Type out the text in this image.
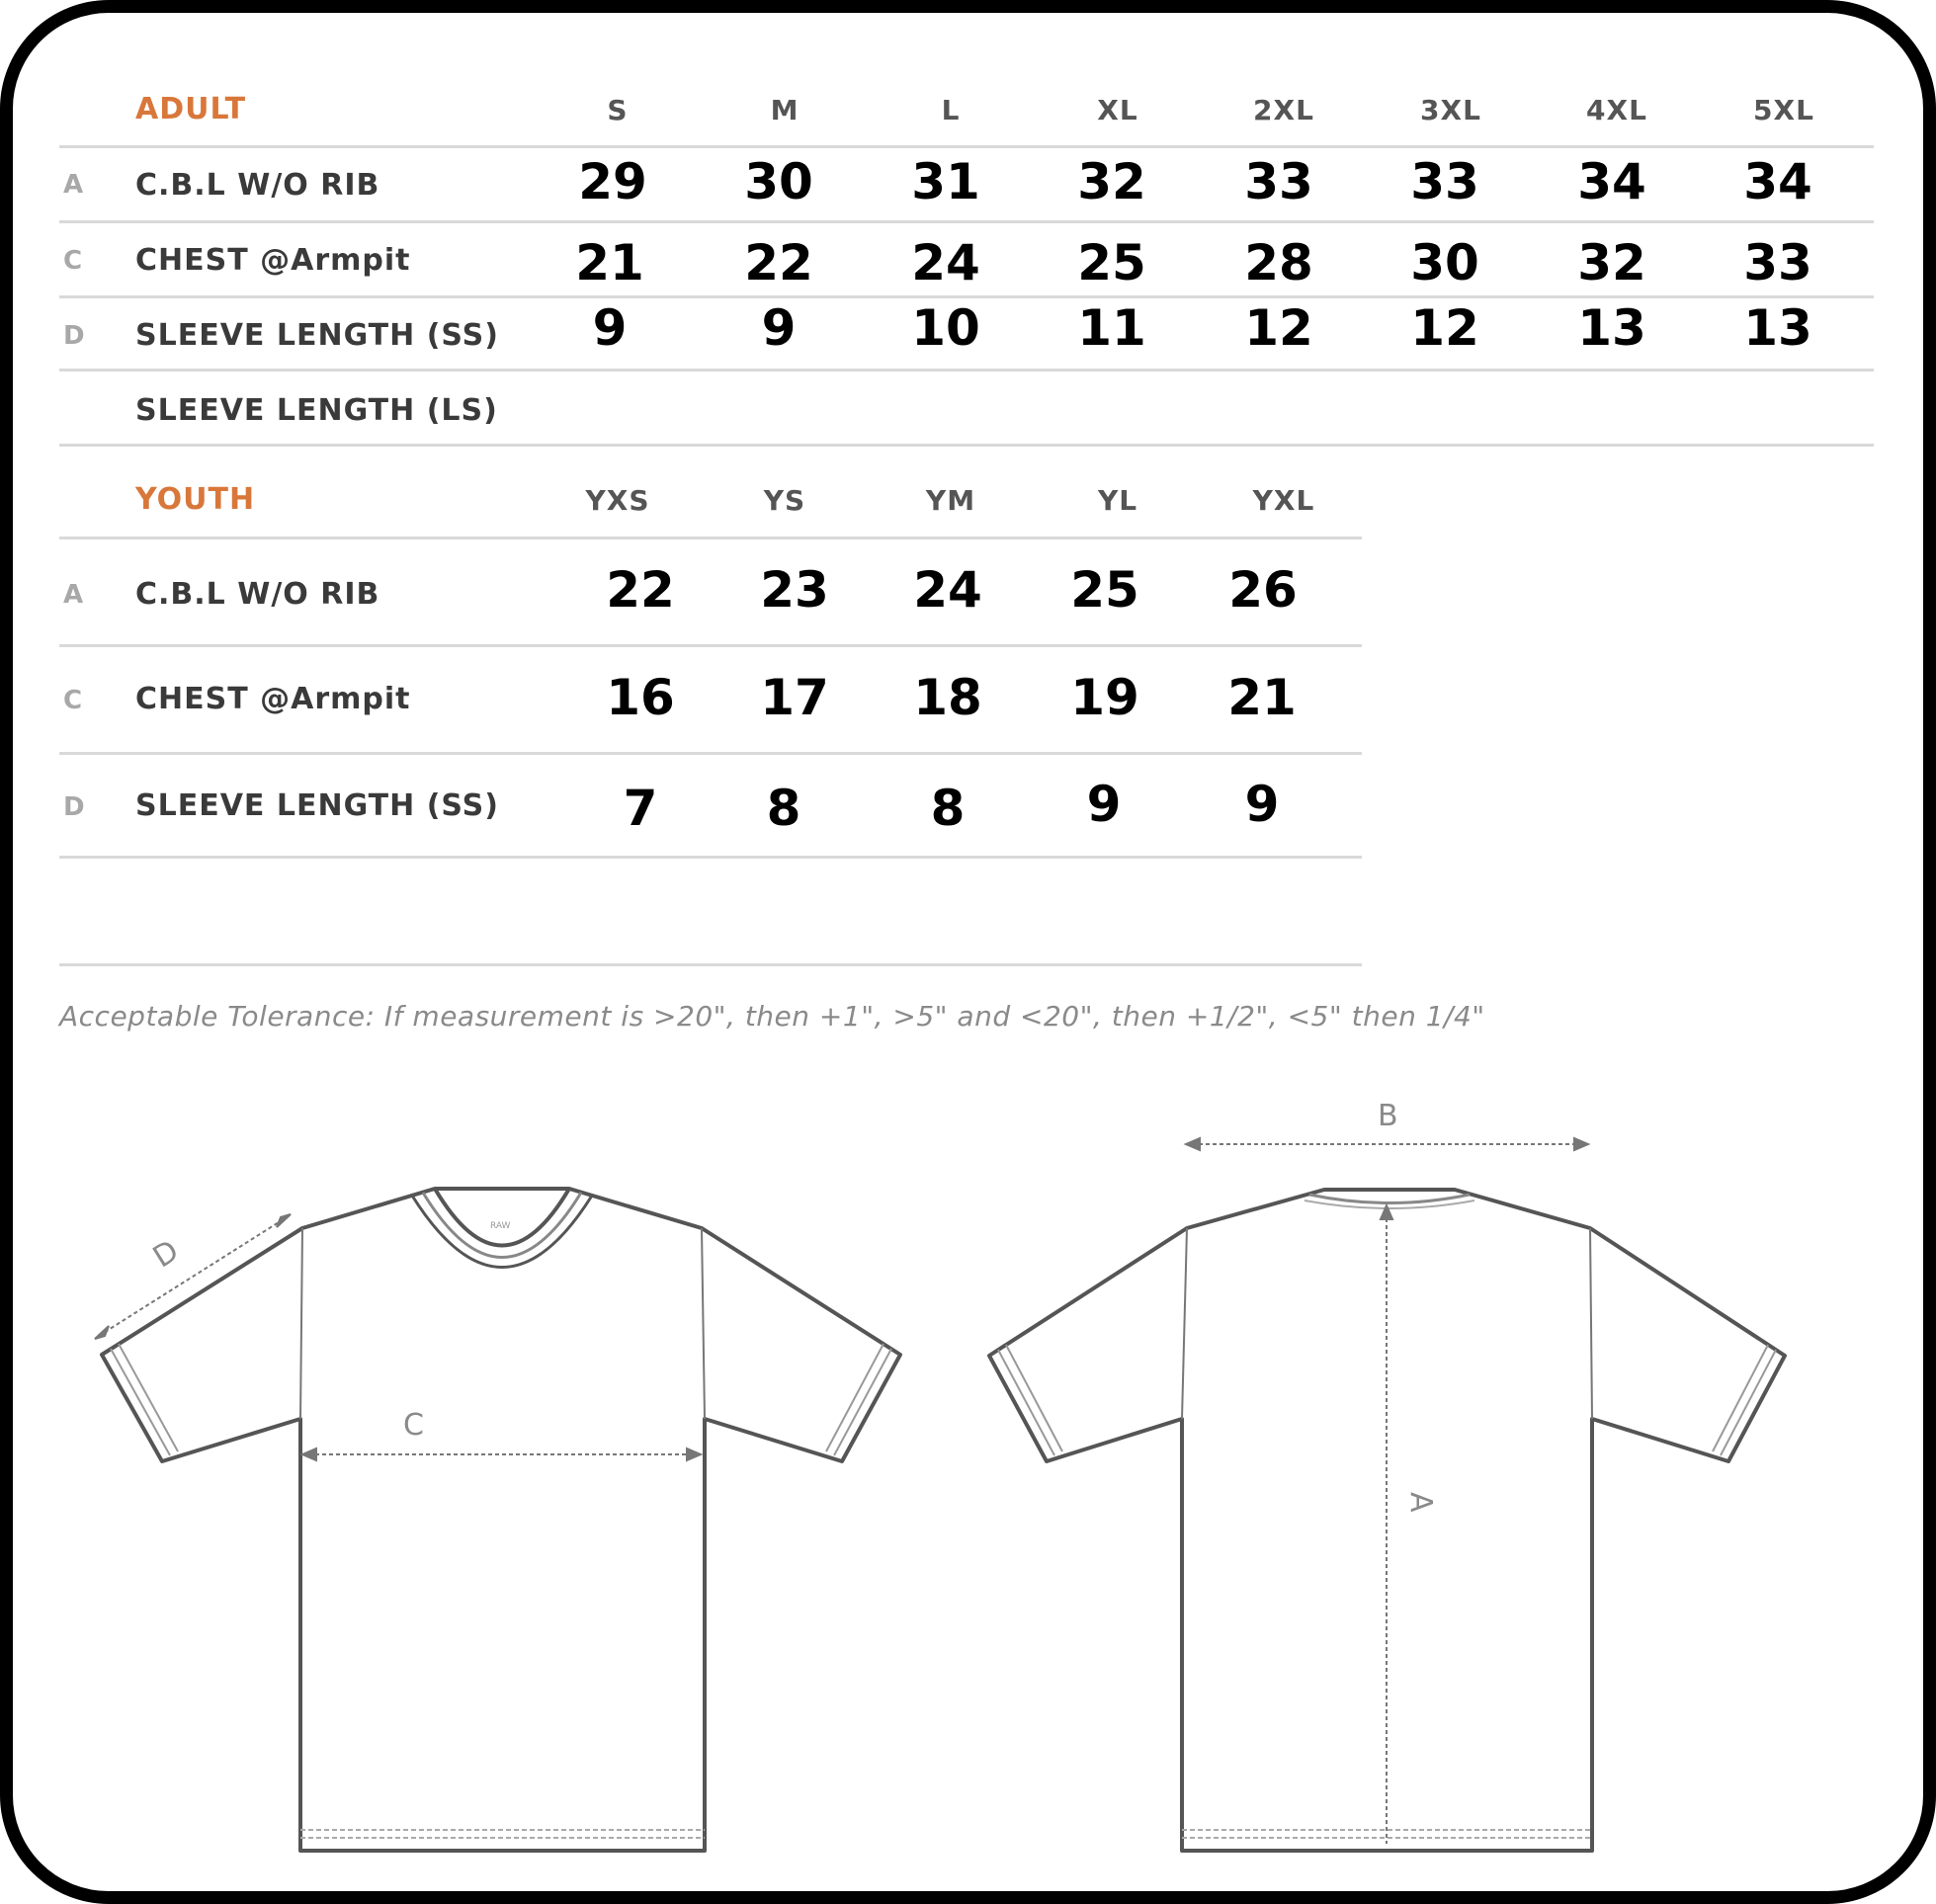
ADULT	S	M	L	XL	2XL	3XL	4XL	5XL
A C.B.L W/O RIB	29	30	31	32	33	33	34	34
C CHEST @Armpit	21	22	24	25	28	30	32	33
D SLEEVE LENGTH (SS)	9	9	10	11	12	12	13	13
SLEEVE LENGTH (LS)
YOUTH	YXS	YS	YM	YL	YXL
A C.B.L W/O RIB	22	23	24	25	26
C CHEST @Armpit	16	17	18	19	21
D SLEEVE LENGTH (SS)	7	8	8	9	9
Acceptable Tolerance: If measurement is >20", then +1", >5" and <20", then +1/2", <5" then 1/4"
RAW
D
C
B
A
